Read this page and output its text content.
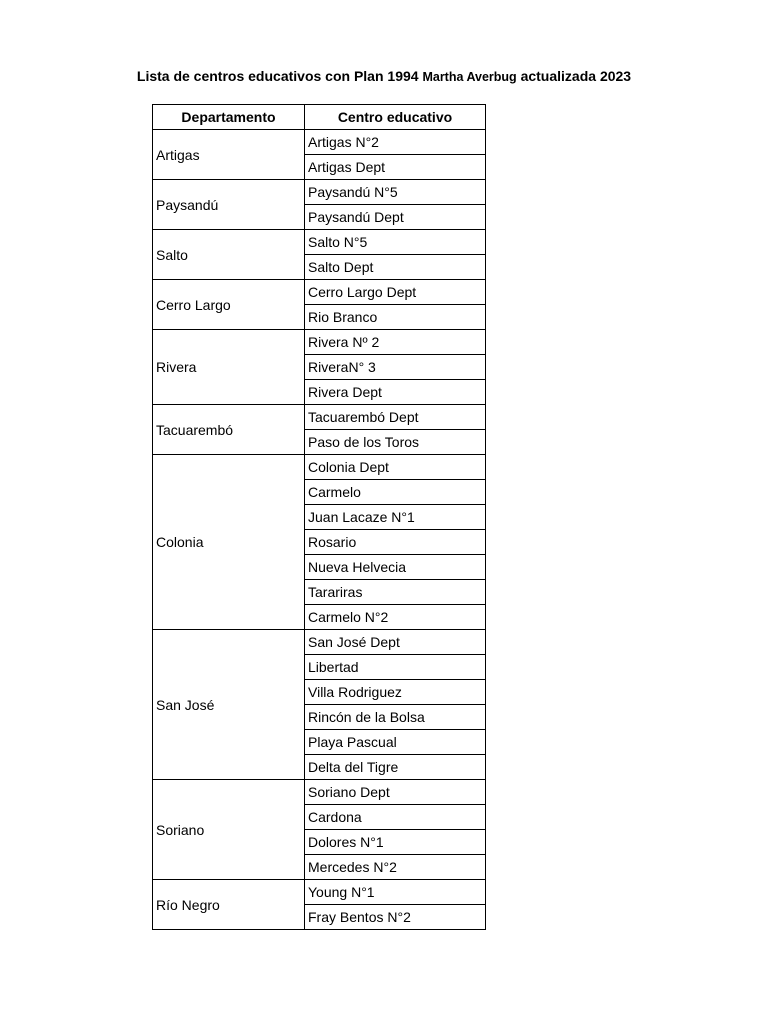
Lista de centros educativos con Plan 1994 Martha Averbug actualizada 2023
Departamento	Centro educativo
Artigas	Artigas N°2
	Artigas Dept
Paysandú	Paysandú N°5
	Paysandú Dept
Salto	Salto N°5
	Salto Dept
Cerro Largo	Cerro Largo Dept
	Rio Branco
Rivera	Rivera Nº 2
	RiveraN° 3
	Rivera Dept
Tacuarembó	Tacuarembó Dept
	Paso de los Toros
Colonia	Colonia Dept
	Carmelo
	Juan Lacaze N°1
	Rosario
	Nueva Helvecia
	Tarariras
	Carmelo N°2
San José	San José Dept
	Libertad
	Villa Rodriguez
	Rincón de la Bolsa
	Playa Pascual
	Delta del Tigre
Soriano	Soriano Dept
	Cardona
	Dolores N°1
	Mercedes N°2
Río Negro	Young N°1
	Fray Bentos N°2
